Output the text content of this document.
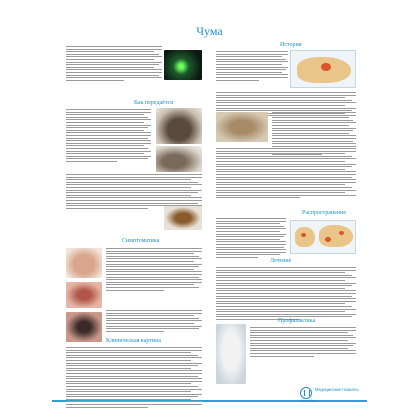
Чума
Как передаётся
Симптоматика
Клиническая картина
История
Распространение
Лечение
Профилактика
Медицинские плакаты
AlmaMed
